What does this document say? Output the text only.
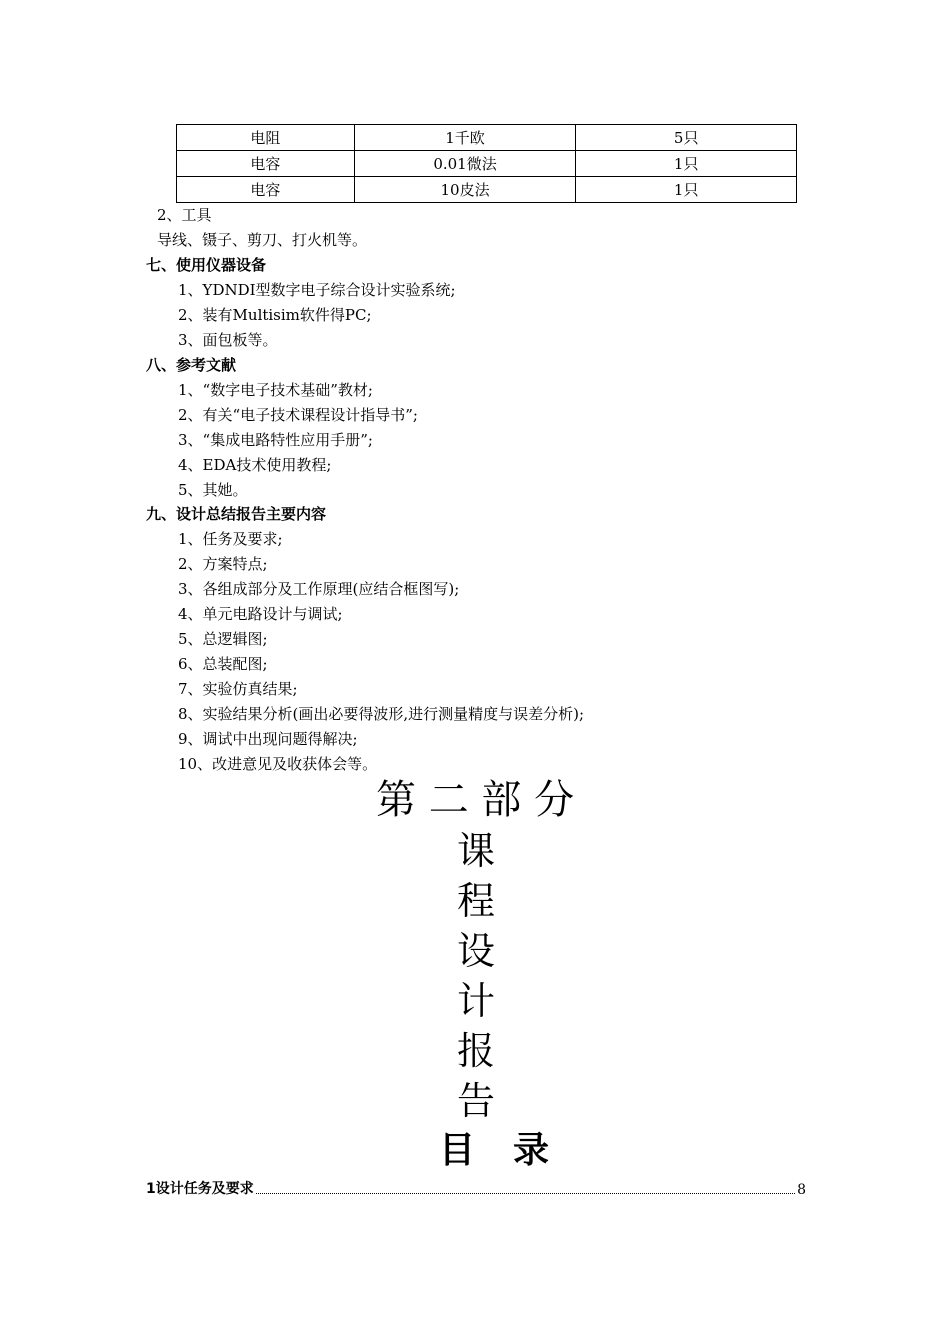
电阻	1千欧	5只
电容	0.01微法	1只
电容	10皮法	1只
2、工具
导线、镊子、剪刀、打火机等。
七、使用仪器设备
1、YDNDI型数字电子综合设计实验系统;
2、装有Multisim软件得PC;
3、面包板等。
八、参考文献
1、“数字电子技术基础”教材;
2、有关“电子技术课程设计指导书”;
3、“集成电路特性应用手册”;
4、EDA技术使用教程;
5、其她。
九、设计总结报告主要内容
1、任务及要求;
2、方案特点;
3、各组成部分及工作原理(应结合框图写);
4、单元电路设计与调试;
5、总逻辑图;
6、总装配图;
7、实验仿真结果;
8、实验结果分析(画出必要得波形,进行测量精度与误差分析);
9、调试中出现问题得解决;
10、改进意见及收获体会等。
第 二 部 分
课
程
设
计
报
告
目录
1设计任务及要求	8
